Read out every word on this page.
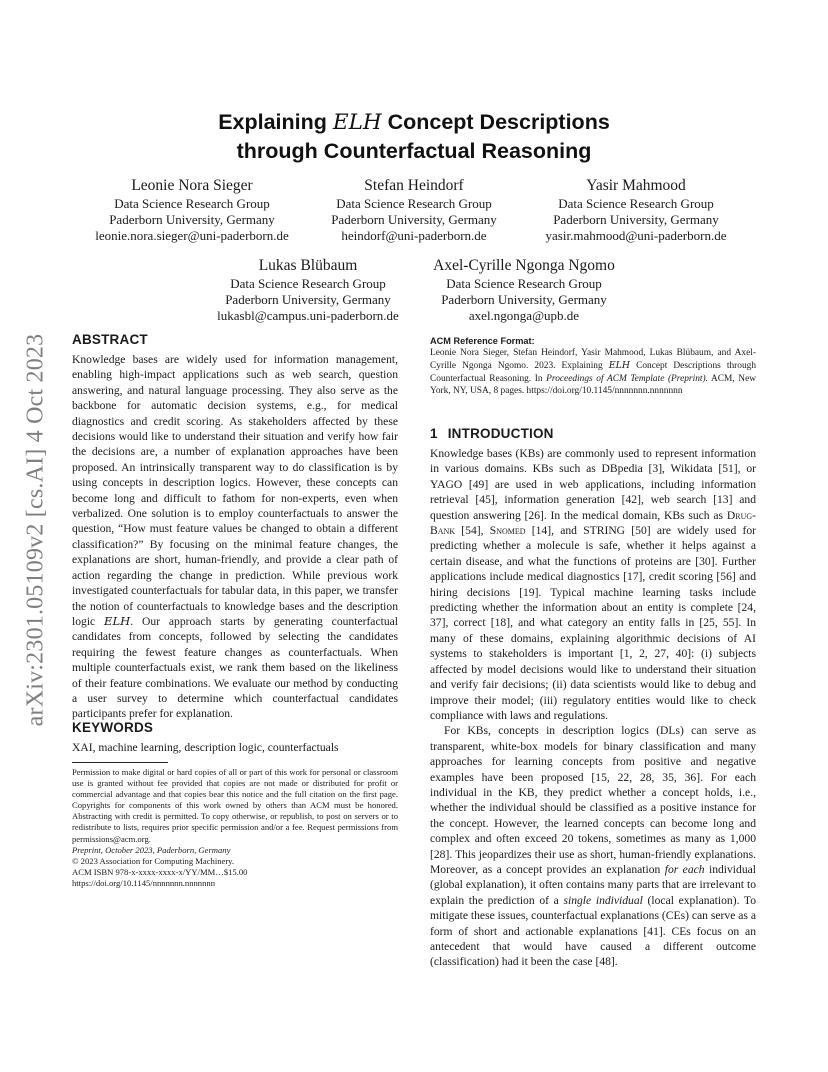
arXiv:2301.05109v2 [cs.AI] 4 Oct 2023
Explaining ELH Concept Descriptions
through Counterfactual Reasoning
Leonie Nora Sieger
Data Science Research Group
Paderborn University, Germany
leonie.nora.sieger@uni-paderborn.de
Stefan Heindorf
Data Science Research Group
Paderborn University, Germany
heindorf@uni-paderborn.de
Yasir Mahmood
Data Science Research Group
Paderborn University, Germany
yasir.mahmood@uni-paderborn.de
Lukas Blübaum
Data Science Research Group
Paderborn University, Germany
lukasbl@campus.uni-paderborn.de
Axel-Cyrille Ngonga Ngomo
Data Science Research Group
Paderborn University, Germany
axel.ngonga@upb.de
ABSTRACT

Knowledge bases are widely used for information management, enabling high-impact applications such as web search, question answering, and natural language processing. They also serve as the backbone for automatic decision systems, e.g., for medical diagnostics and credit scoring. As stakeholders affected by these decisions would like to understand their situation and verify how fair the decisions are, a number of explanation approaches have been proposed. An intrinsically transparent way to do classification is by using concepts in description logics. However, these concepts can become long and difficult to fathom for non-experts, even when verbalized. One solution is to employ counterfactuals to answer the question, “How must feature values be changed to obtain a different classification?” By focusing on the minimal feature changes, the explanations are short, human-friendly, and provide a clear path of action regarding the change in prediction. While previous work investigated counterfactuals for tabular data, in this paper, we transfer the notion of counterfactuals to knowledge bases and the description logic ELH. Our approach starts by generating counterfactual candidates from concepts, followed by selecting the candidates requiring the fewest feature changes as counterfactuals. When multiple counterfactuals exist, we rank them based on the likeliness of their feature combinations. We evaluate our method by conducting a user survey to determine which counterfactual candidates participants prefer for explanation.

KEYWORDS

XAI, machine learning, description logic, counterfactuals

Permission to make digital or hard copies of all or part of this work for personal or classroom use is granted without fee provided that copies are not made or distributed for profit or commercial advantage and that copies bear this notice and the full citation on the first page. Copyrights for components of this work owned by others than ACM must be honored. Abstracting with credit is permitted. To copy otherwise, or republish, to post on servers or to redistribute to lists, requires prior specific permission and/or a fee. Request permissions from permissions@acm.org.
Preprint, October 2023, Paderborn, Germany
© 2023 Association for Computing Machinery.
ACM ISBN 978-x-xxxx-xxxx-x/YY/MM…$15.00
https://doi.org/10.1145/nnnnnnn.nnnnnnn
ACM Reference Format:
Leonie Nora Sieger, Stefan Heindorf, Yasir Mahmood, Lukas Blübaum, and Axel-Cyrille Ngonga Ngomo. 2023. Explaining ELH Concept Descriptions through Counterfactual Reasoning. In Proceedings of ACM Template (Preprint). ACM, New York, NY, USA, 8 pages. https://doi.org/10.1145/nnnnnnn.nnnnnnn
1 INTRODUCTION

Knowledge bases (KBs) are commonly used to represent information in various domains. KBs such as DBpedia [3], Wikidata [51], or YAGO [49] are used in web applications, including information retrieval [45], information generation [42], web search [13] and question answering [26]. In the medical domain, KBs such as Drug-Bank [54], Snomed [14], and STRING [50] are widely used for predicting whether a molecule is safe, whether it helps against a certain disease, and what the functions of proteins are [30]. Further applications include medical diagnostics [17], credit scoring [56] and hiring decisions [19]. Typical machine learning tasks include predicting whether the information about an entity is complete [24, 37], correct [18], and what category an entity falls in [25, 55]. In many of these domains, explaining algorithmic decisions of AI systems to stakeholders is important [1, 2, 27, 40]: (i) subjects affected by model decisions would like to understand their situation and verify fair decisions; (ii) data scientists would like to debug and improve their model; (iii) regulatory entities would like to check compliance with laws and regulations.

For KBs, concepts in description logics (DLs) can serve as transparent, white-box models for binary classification and many approaches for learning concepts from positive and negative examples have been proposed [15, 22, 28, 35, 36]. For each individual in the KB, they predict whether a concept holds, i.e., whether the individual should be classified as a positive instance for the concept. However, the learned concepts can become long and complex and often exceed 20 tokens, sometimes as many as 1,000 [28]. This jeopardizes their use as short, human-friendly explanations. Moreover, as a concept provides an explanation for each individual (global explanation), it often contains many parts that are irrelevant to explain the prediction of a single individual (local explanation). To mitigate these issues, counterfactual explanations (CEs) can serve as a form of short and actionable explanations [41]. CEs focus on an antecedent that would have caused a different outcome (classification) had it been the case [48].
